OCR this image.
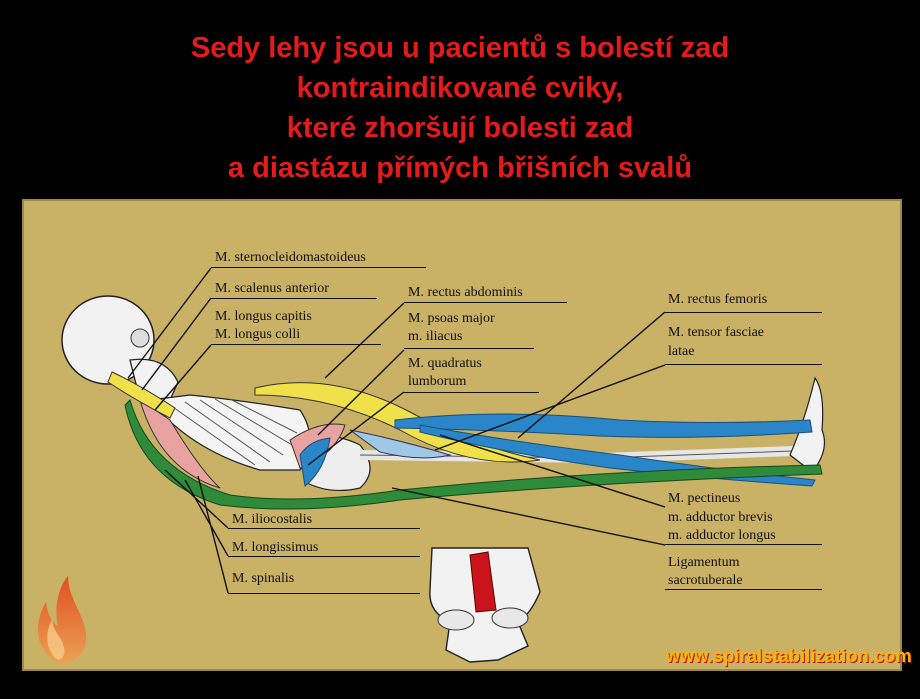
Sedy lehy jsou u pacientů s bolestí zad
kontraindikované cviky,
které zhoršují bolesti zad
a diastázu přímých břišních svalů
M. sternocleidomastoideus
M. scalenus anterior
M. longus capitis
M. longus colli
M. rectus abdominis
M. psoas major
m. iliacus
M. quadratus
lumborum
M. rectus femoris
M. tensor fasciae
latae
M. iliocostalis
M. longissimus
M. spinalis
M. pectineus
m. adductor brevis
m. adductor longus
Ligamentum
sacrotuberale
www.spiralstabilization.com
